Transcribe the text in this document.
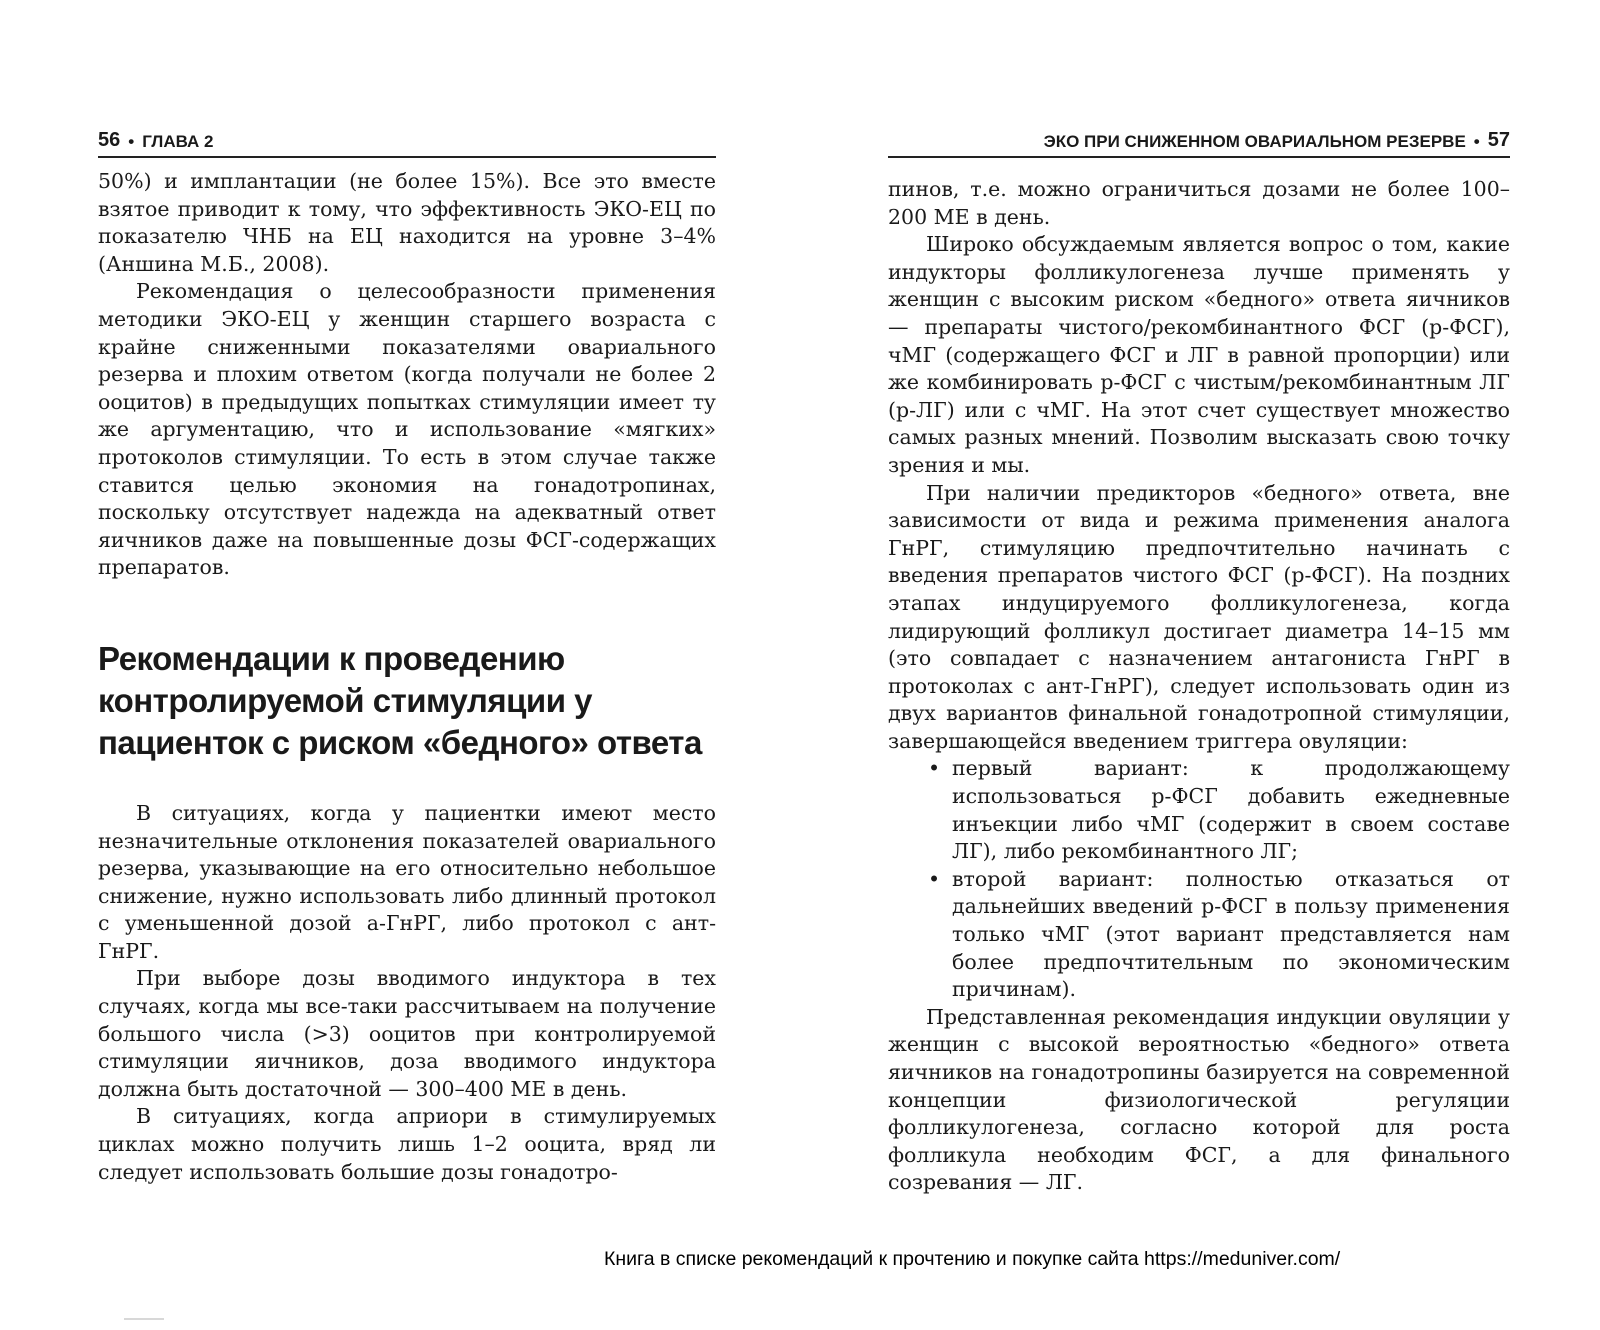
56 • ГЛАВА 2

50%) и имплантации (не более 15%). Все это вместе взятое приводит к тому, что эффективность ЭКО-ЕЦ по показателю ЧНБ на ЕЦ находится на уровне 3–4% (Аншина М.Б., 2008).

Рекомендация о целесообразности применения методики ЭКО-ЕЦ у женщин старшего возраста с крайне сниженными показателями овариального резерва и плохим ответом (когда получали не более 2 ооцитов) в предыдущих попытках стимуляции имеет ту же аргументацию, что и использование «мягких» протоколов стимуляции. То есть в этом случае также ставится целью экономия на гонадотропинах, поскольку отсутствует надежда на адекватный ответ яичников даже на повышенные дозы ФСГ-содержащих препаратов.

Рекомендации к проведению контролируемой стимуляции у пациенток с риском «бедного» ответа

В ситуациях, когда у пациентки имеют место незначительные отклонения показателей овариального резерва, указывающие на его относительно небольшое снижение, нужно использовать либо длинный протокол с уменьшенной дозой а-ГнРГ, либо протокол с ант-ГнРГ.

При выборе дозы вводимого индуктора в тех случаях, когда мы все-таки рассчитываем на получение большого числа (>3) ооцитов при контролируемой стимуляции яичников, доза вводимого индуктора должна быть достаточной — 300–400 МЕ в день.

В ситуациях, когда априори в стимулируемых циклах можно получить лишь 1–2 ооцита, вряд ли следует использовать большие дозы гонадотро-

ЭКО ПРИ СНИЖЕННОМ ОВАРИАЛЬНОМ РЕЗЕРВЕ • 57

пинов, т.е. можно ограничиться дозами не более 100–200 МЕ в день.

Широко обсуждаемым является вопрос о том, какие индукторы фолликулогенеза лучше применять у женщин с высоким риском «бедного» ответа яичников — препараты чистого/рекомбинантного ФСГ (р-ФСГ), чМГ (содержащего ФСГ и ЛГ в равной пропорции) или же комбинировать р-ФСГ с чистым/рекомбинантным ЛГ (р-ЛГ) или с чМГ. На этот счет существует множество самых разных мнений. Позволим высказать свою точку зрения и мы.

При наличии предикторов «бедного» ответа, вне зависимости от вида и режима применения аналога ГнРГ, стимуляцию предпочтительно начинать с введения препаратов чистого ФСГ (р-ФСГ). На поздних этапах индуцируемого фолликулогенеза, когда лидирующий фолликул достигает диаметра 14–15 мм (это совпадает с назначением антагониста ГнРГ в протоколах с ант-ГнРГ), следует использовать один из двух вариантов финальной гонадотропной стимуляции, завершающейся введением триггера овуляции:

• первый вариант: к продолжающему использоваться р-ФСГ добавить ежедневные инъекции либо чМГ (содержит в своем составе ЛГ), либо рекомбинантного ЛГ;
• второй вариант: полностью отказаться от дальнейших введений р-ФСГ в пользу применения только чМГ (этот вариант представляется нам более предпочтительным по экономическим причинам).

Представленная рекомендация индукции овуляции у женщин с высокой вероятностью «бедного» ответа яичников на гонадотропины базируется на современной концепции физиологической регуляции фолликулогенеза, согласно которой для роста фолликула необходим ФСГ, а для финального созревания — ЛГ.

Книга в списке рекомендаций к прочтению и покупке сайта https://meduniver.com/
